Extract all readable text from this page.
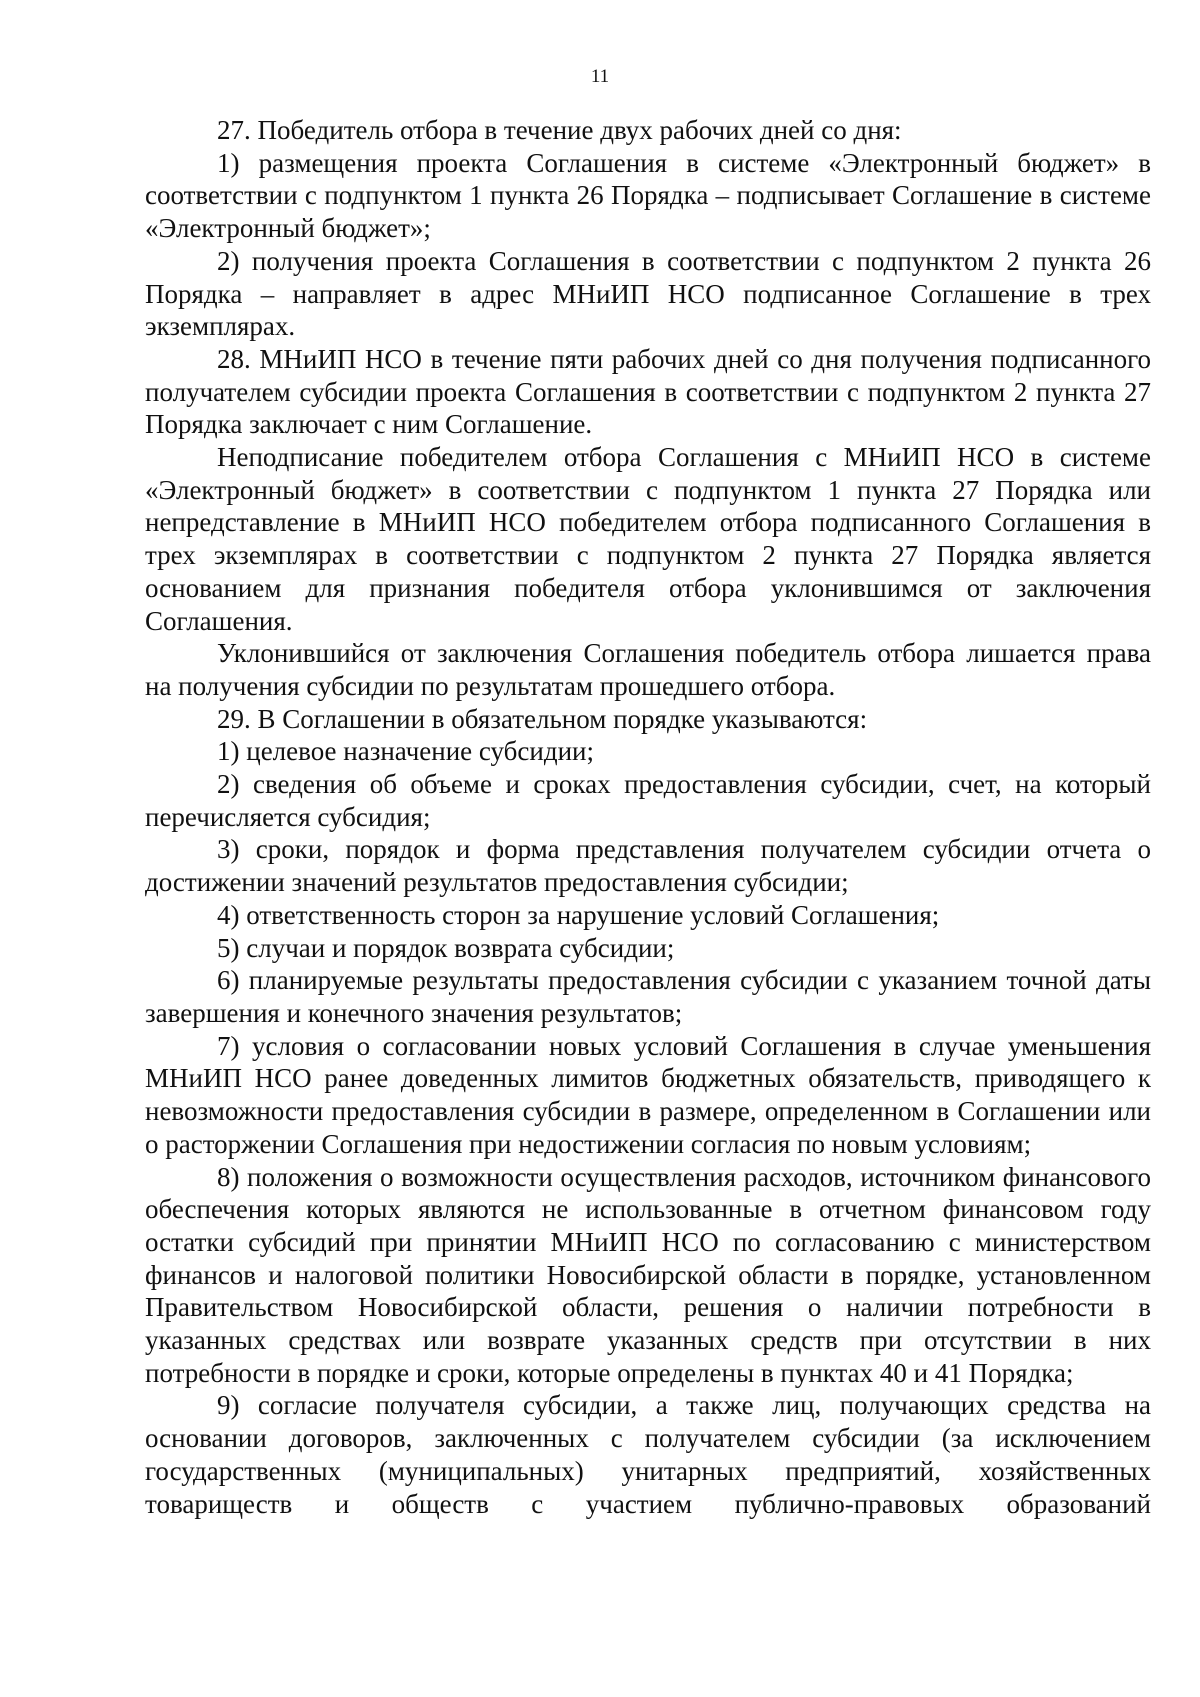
11

27. Победитель отбора в течение двух рабочих дней со дня:

1) размещения проекта Соглашения в системе «Электронный бюджет» в соответствии с подпунктом 1 пункта 26 Порядка – подписывает Соглашение в системе «Электронный бюджет»;

2) получения проекта Соглашения в соответствии с подпунктом 2 пункта 26 Порядка – направляет в адрес МНиИП НСО подписанное Соглашение в трех экземплярах.

28. МНиИП НСО в течение пяти рабочих дней со дня получения подписанного получателем субсидии проекта Соглашения в соответствии с подпунктом 2 пункта 27 Порядка заключает с ним Соглашение.

Неподписание победителем отбора Соглашения с МНиИП НСО в системе «Электронный бюджет» в соответствии с подпунктом 1 пункта 27 Порядка или непредставление в МНиИП НСО победителем отбора подписанного Соглашения в трех экземплярах в соответствии с подпунктом 2 пункта 27 Порядка является основанием для признания победителя отбора уклонившимся от заключения Соглашения.

Уклонившийся от заключения Соглашения победитель отбора лишается права на получения субсидии по результатам прошедшего отбора.

29. В Соглашении в обязательном порядке указываются:

1) целевое назначение субсидии;

2) сведения об объеме и сроках предоставления субсидии, счет, на который перечисляется субсидия;

3) сроки, порядок и форма представления получателем субсидии отчета о достижении значений результатов предоставления субсидии;

4) ответственность сторон за нарушение условий Соглашения;

5) случаи и порядок возврата субсидии;

6) планируемые результаты предоставления субсидии с указанием точной даты завершения и конечного значения результатов;

7) условия о согласовании новых условий Соглашения в случае уменьшения МНиИП НСО ранее доведенных лимитов бюджетных обязательств, приводящего к невозможности предоставления субсидии в размере, определенном в Соглашении или о расторжении Соглашения при недостижении согласия по новым условиям;

8) положения о возможности осуществления расходов, источником финансового обеспечения которых являются не использованные в отчетном финансовом году остатки субсидий при принятии МНиИП НСО по согласованию с министерством финансов и налоговой политики Новосибирской области в порядке, установленном Правительством Новосибирской области, решения о наличии потребности в указанных средствах или возврате указанных средств при отсутствии в них потребности в порядке и сроки, которые определены в пунктах 40 и 41 Порядка;

9) согласие получателя субсидии, а также лиц, получающих средства на основании договоров, заключенных с получателем субсидии (за исключением государственных (муниципальных) унитарных предприятий, хозяйственных товариществ и обществ с участием публично-правовых образований
